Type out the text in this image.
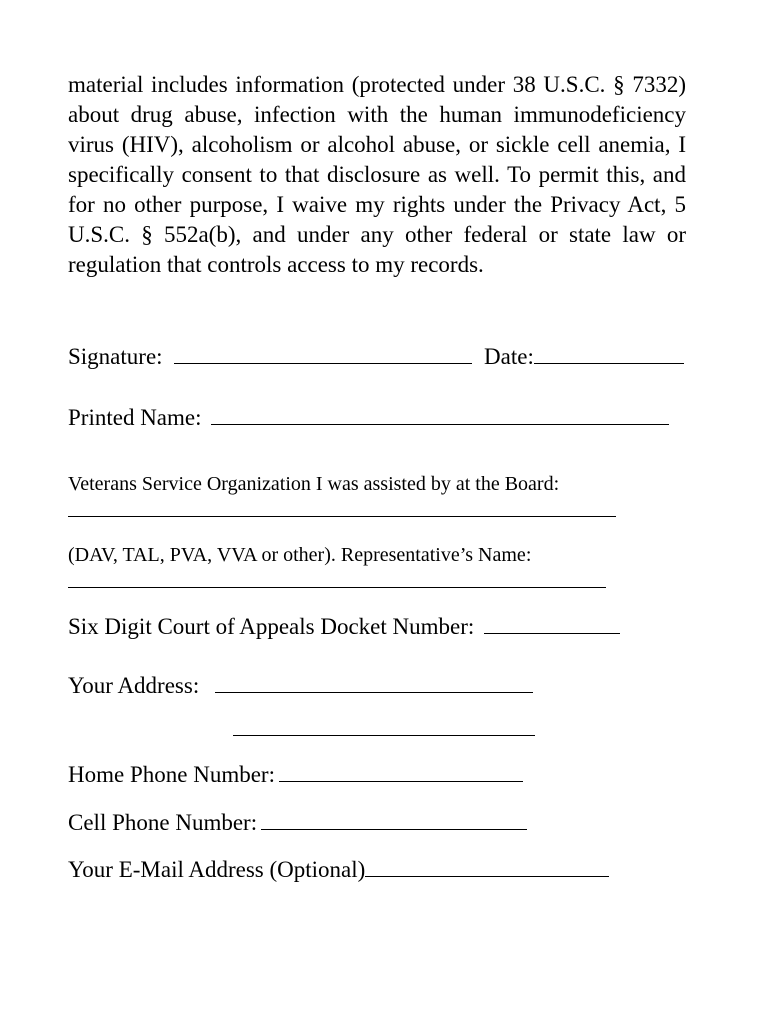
material includes information (protected under 38 U.S.C. § 7332) about drug abuse, infection with the human immunodeficiency virus (HIV), alcoholism or alcohol abuse, or sickle cell anemia, I specifically consent to that disclosure as well. To permit this, and for no other purpose, I waive my rights under the Privacy Act, 5 U.S.C. § 552a(b), and under any other federal or state law or regulation that controls access to my records.

Signature:	Date:
Printed Name:
Veterans Service Organization I was assisted by at the Board:
(DAV, TAL, PVA, VVA or other). Representative’s Name:
Six Digit Court of Appeals Docket Number:
Your Address:
Home Phone Number:
Cell Phone Number:
Your E-Mail Address (Optional)
